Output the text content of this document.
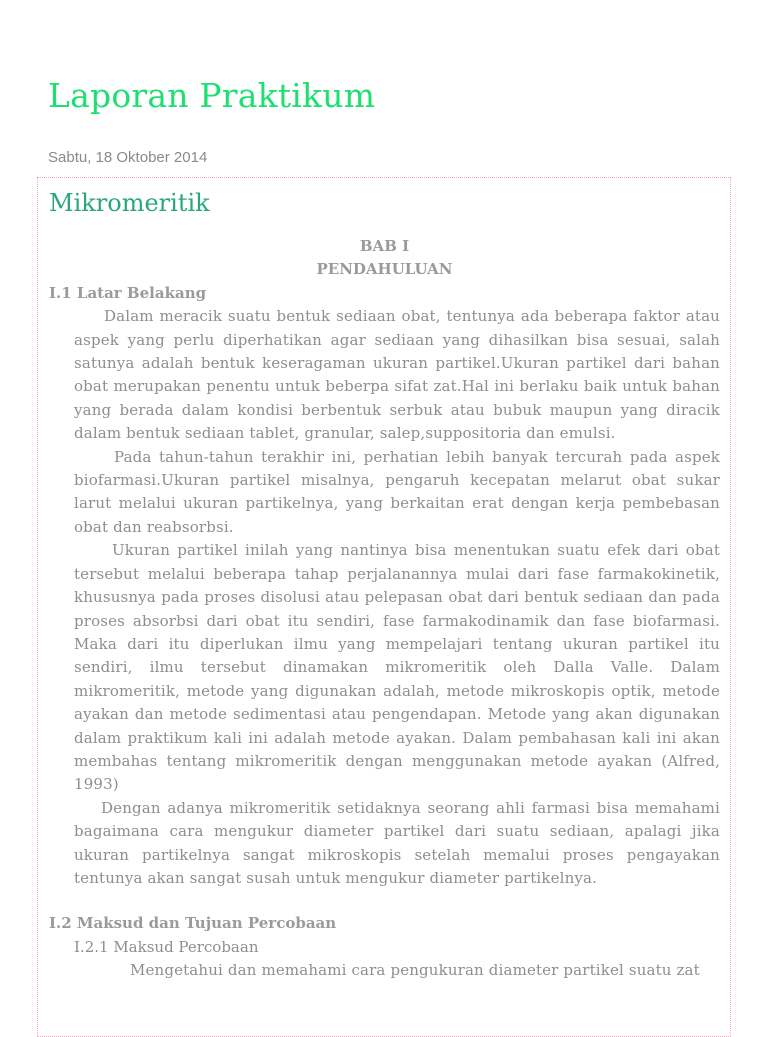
Laporan Praktikum
Sabtu, 18 Oktober 2014
Mikromeritik
BAB I
PENDAHULUAN
I.1 Latar Belakang

Dalam meracik suatu bentuk sediaan obat, tentunya ada beberapa faktor atau aspek yang perlu diperhatikan agar sediaan yang dihasilkan bisa sesuai, salah satunya adalah bentuk keseragaman ukuran partikel.Ukuran partikel dari bahan obat merupakan penentu untuk beberpa sifat zat.Hal ini berlaku baik untuk bahan yang berada dalam kondisi berbentuk serbuk atau bubuk maupun yang diracik dalam bentuk sediaan tablet, granular, salep,suppositoria dan emulsi.

Pada tahun-tahun terakhir ini, perhatian lebih banyak tercurah pada aspek biofarmasi.Ukuran partikel misalnya, pengaruh kecepatan melarut obat sukar larut melalui ukuran partikelnya, yang berkaitan erat dengan kerja pembebasan obat dan reabsorbsi.

Ukuran partikel inilah yang nantinya bisa menentukan suatu efek dari obat tersebut melalui beberapa tahap perjalanannya mulai dari fase farmakokinetik, khususnya pada proses disolusi atau pelepasan obat dari bentuk sediaan dan pada proses absorbsi dari obat itu sendiri, fase farmakodinamik dan fase biofarmasi. Maka dari itu diperlukan ilmu yang mempelajari tentang ukuran partikel itu sendiri, ilmu tersebut dinamakan mikromeritik oleh Dalla Valle. Dalam mikromeritik, metode yang digunakan adalah, metode mikroskopis optik, metode ayakan dan metode sedimentasi atau pengendapan. Metode yang akan digunakan dalam praktikum kali ini adalah metode ayakan. Dalam pembahasan kali ini akan membahas tentang mikromeritik dengan menggunakan metode ayakan (Alfred, 1993)

Dengan adanya mikromeritik setidaknya seorang ahli farmasi bisa memahami bagaimana cara mengukur diameter partikel dari suatu sediaan, apalagi jika ukuran partikelnya sangat mikroskopis setelah memalui proses pengayakan tentunya akan sangat susah untuk mengukur diameter partikelnya.

I.2 Maksud dan Tujuan Percobaan
I.2.1 Maksud Percobaan

Mengetahui dan memahami cara pengukuran diameter partikel suatu zat
